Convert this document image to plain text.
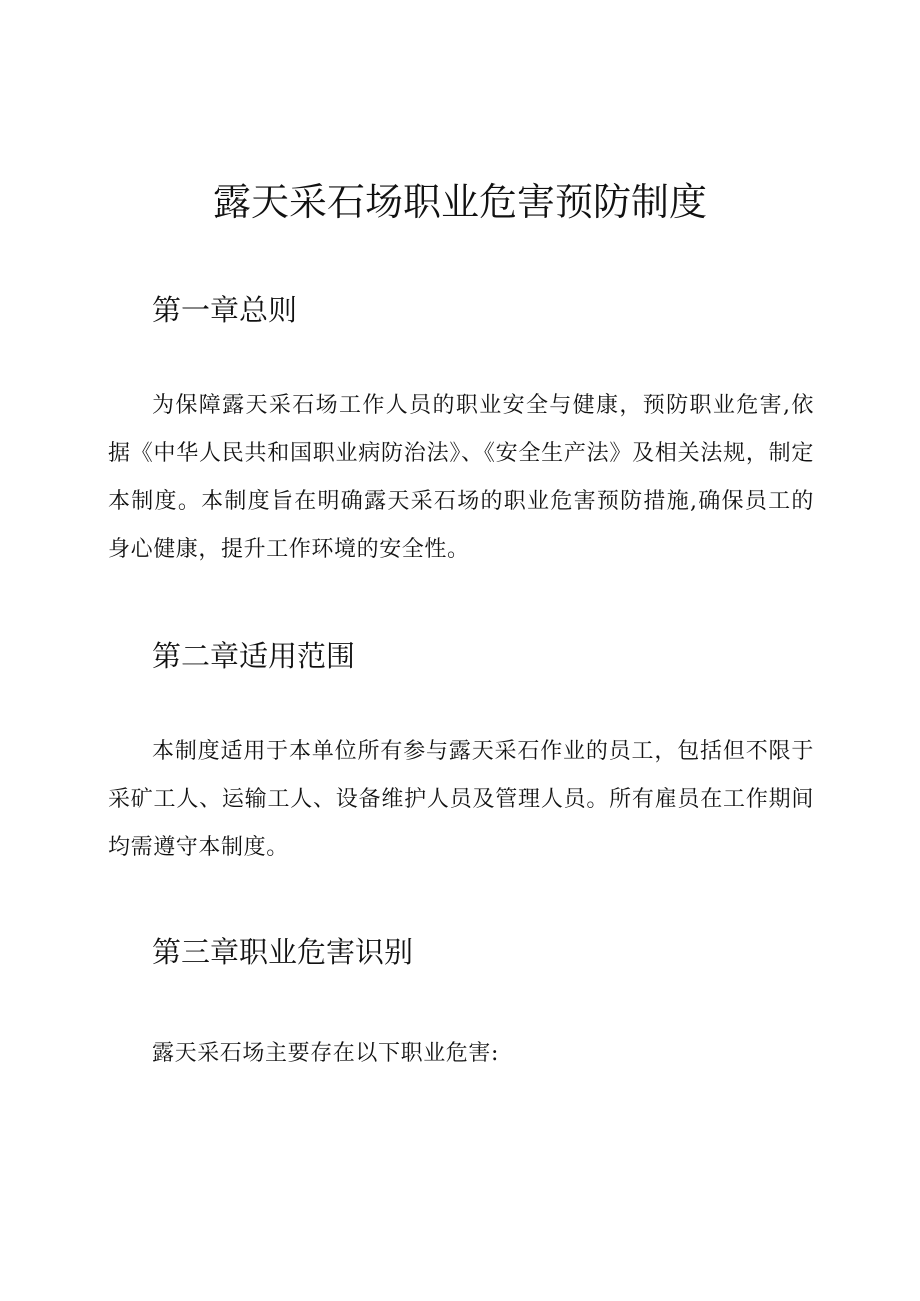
露天采石场职业危害预防制度
第一章总则

为保障露天采石场工作人员的职业安全与健康，预防职业危害,依据《中华人民共和国职业病防治法》、《安全生产法》及相关法规，制定本制度。本制度旨在明确露天采石场的职业危害预防措施,确保员工的身心健康，提升工作环境的安全性。

第二章适用范围

本制度适用于本单位所有参与露天采石作业的员工，包括但不限于采矿工人、运输工人、设备维护人员及管理人员。所有雇员在工作期间均需遵守本制度。

第三章职业危害识别

露天采石场主要存在以下职业危害:
